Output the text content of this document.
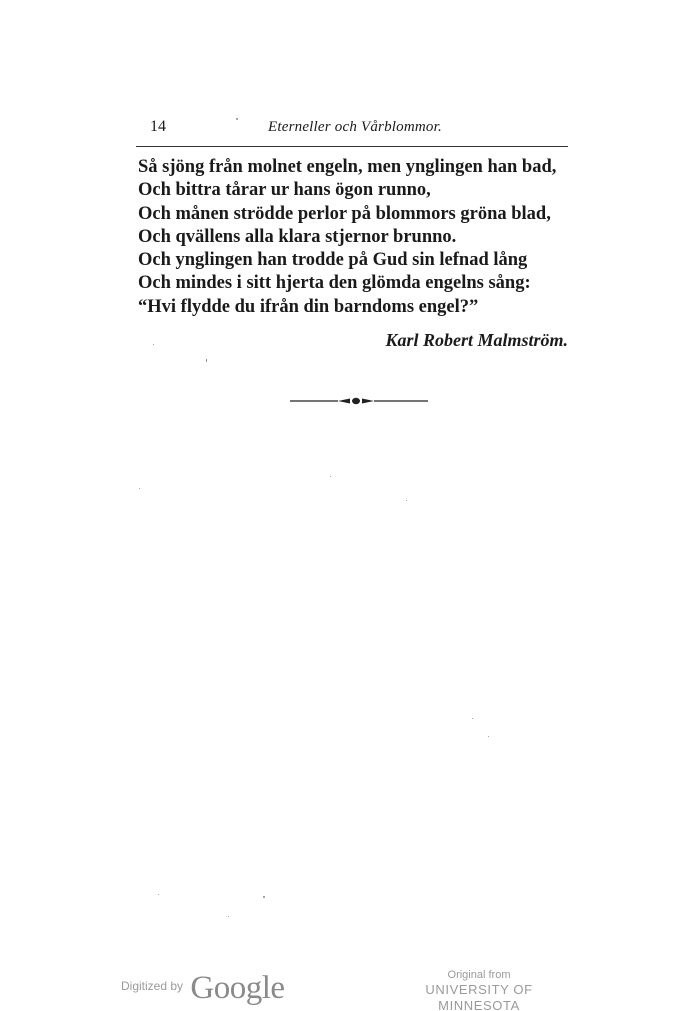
14	Eterneller och Vårblommor.
Så sjöng från molnet engeln, men ynglingen han bad,
Och bittra tårar ur hans ögon runno,
Och månen strödde perlor på blommors gröna blad,
Och qvällens alla klara stjernor brunno.
Och ynglingen han trodde på Gud sin lefnad lång
Och mindes i sitt hjerta den glömda engelns sång:
“Hvi flydde du ifrån din barndoms engel?”
Karl Robert Malmström.
Digitized by Google	Original from
UNIVERSITY OF MINNESOTA
